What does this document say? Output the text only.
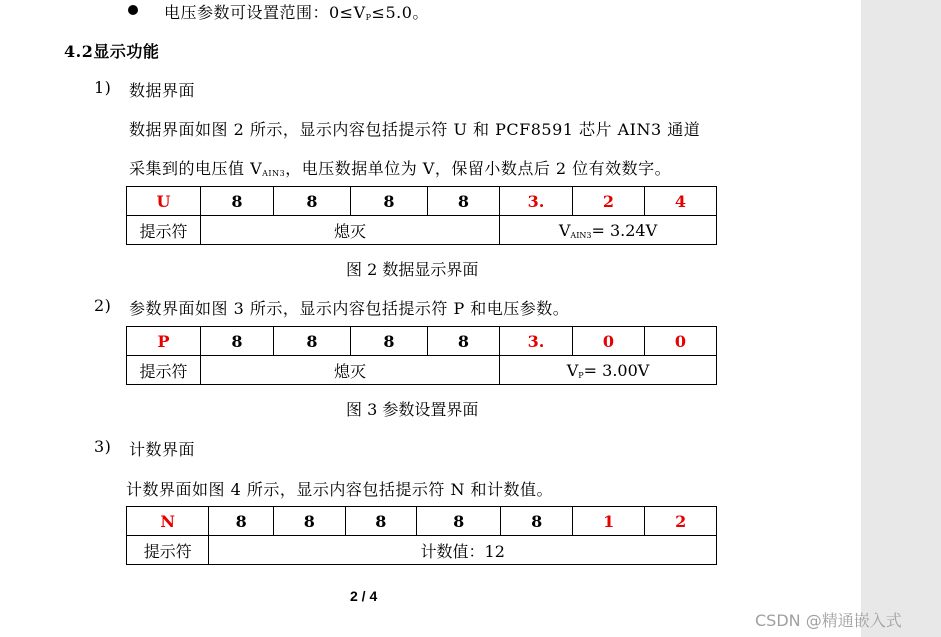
电压参数可设置范围：$0\le V_P\le 5.0$。
4.2显示功能
1) 数据界面
数据界面如图 2 所示，显示内容包括提示符 U 和 PCF8591 芯片 AIN3 通道
采集到的电压值 $V_{AIN3}$，电压数据单位为 V，保留小数点后 2 位有效数字。
U	8	8	8	8	3.	2	4
提示符	熄灭				$V_{AIN3}= 3.24V$		
图 2 数据显示界面
2) 参数界面如图 3 所示，显示内容包括提示符 P 和电压参数。
P	8	8	8	8	3.	0	0
提示符	熄灭				$V_P= 3.00V$		
图 3 参数设置界面
3) 计数界面
计数界面如图 4 所示，显示内容包括提示符 N 和计数值。
N	8	8	8	8	8	1	2
提示符	计数值：12						
2 / 4
CSDN @精通嵌入式
